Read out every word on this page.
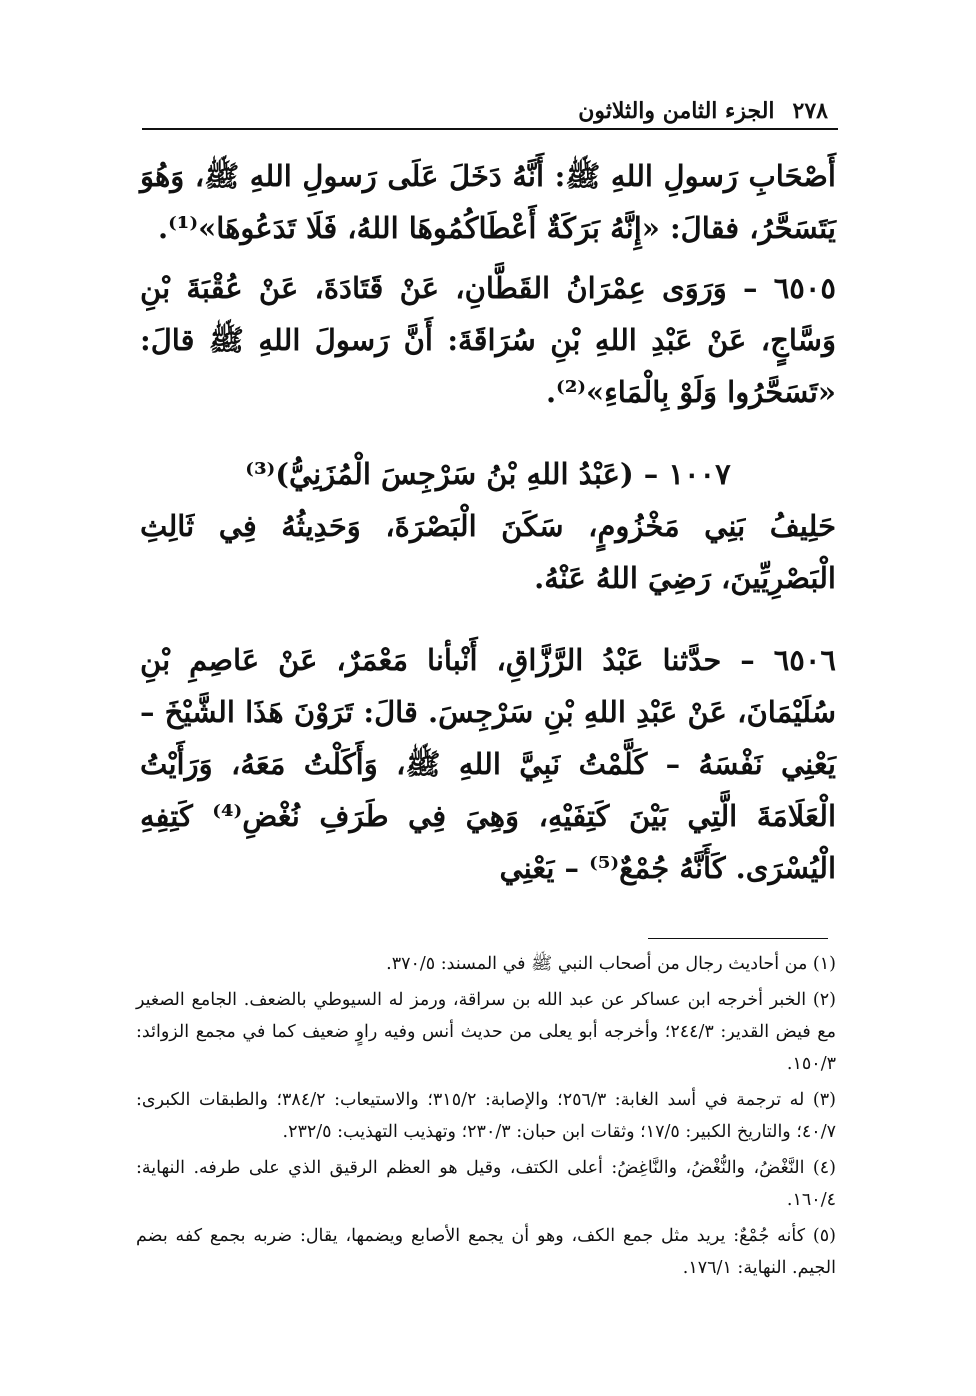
٢٧٨
الجزء الثامن والثلاثون

أَصْحَابِ رَسولِ اللهِ ﷺ: أَنَّهُ دَخَلَ عَلَى رَسولِ اللهِ ﷺ، وَهُوَ يَتَسَحَّرُ، فقالَ: «إِنَّهُ بَرَكَةٌ أَعْطَاكُمُوهَا اللهُ، فَلَا تَدَعُوهَا»⁽¹⁾.

٦٥٠٥ – وَرَوَى عِمْرَانُ القَطَّانِ، عَنْ قَتَادَةَ، عَنْ عُقْبَةَ بْنِ وَسَّاجٍ، عَنْ عَبْدِ اللهِ بْنِ سُرَاقَةَ: أَنَّ رَسولَ اللهِ ﷺ قالَ: «تَسَحَّرُوا وَلَوْ بِالْمَاءِ»⁽²⁾.

١٠٠٧ – (عَبْدُ اللهِ بْنُ سَرْجِسَ الْمُزَنِيُّ)⁽³⁾

حَلِيفُ بَنِي مَخْزُومٍ، سَكَنَ الْبَصْرَةَ، وَحَدِيثُهُ فِي ثَالِثِ الْبَصْرِيِّينَ، رَضِيَ اللهُ عَنْهُ.

٦٥٠٦ – حدَّثنا عَبْدُ الرَّزَّاقِ، أَنْبأنا مَعْمَرٌ، عَنْ عَاصِمِ بْنِ سُلَيْمَانَ، عَنْ عَبْدِ اللهِ بْنِ سَرْجِسَ. قالَ: تَرَوْنَ هَذَا الشَّيْخَ – يَعْنِي نَفْسَهُ – كَلَّمْتُ نَبِيَّ اللهِ ﷺ، وَأَكَلْتُ مَعَهُ، وَرَأَيْتُ الْعَلَامَةَ الَّتِي بَيْنَ كَتِفَيْهِ، وَهِيَ فِي طَرَفِ نُغْضِ⁽⁴⁾ كَتِفِهِ الْيُسْرَى. كَأَنَّهُ جُمْعٌ⁽⁵⁾ – يَعْنِي

(١) من أحاديث رجال من أصحاب النبي ﷺ في المسند: ٣٧٠/٥.

(٢) الخبر أخرجه ابن عساكر عن عبد الله بن سراقة، ورمز له السيوطي بالضعف. الجامع الصغير مع فيض القدير: ٢٤٤/٣؛ وأخرجه أبو يعلى من حديث أنس وفيه راوٍ ضعيف كما في مجمع الزوائد: ١٥٠/٣.

(٣) له ترجمة في أسد الغابة: ٢٥٦/٣؛ والإصابة: ٣١٥/٢؛ والاستيعاب: ٣٨٤/٢؛ والطبقات الكبرى: ٤٠/٧؛ والتاريخ الكبير: ١٧/٥؛ وثقات ابن حبان: ٢٣٠/٣؛ وتهذيب التهذيب: ٢٣٢/٥.

(٤) النَّغْضُ، والنُّغْضُ، والنَّاغِضُ: أعلى الكتف، وقيل هو العظم الرقيق الذي على طرفه. النهاية: ١٦٠/٤.

(٥) كأنه جُمْعٌ: يريد مثل جمع الكف، وهو أن يجمع الأصابع ويضمها، يقال: ضربه بجمع كفه بضم الجيم. النهاية: ١٧٦/١.
